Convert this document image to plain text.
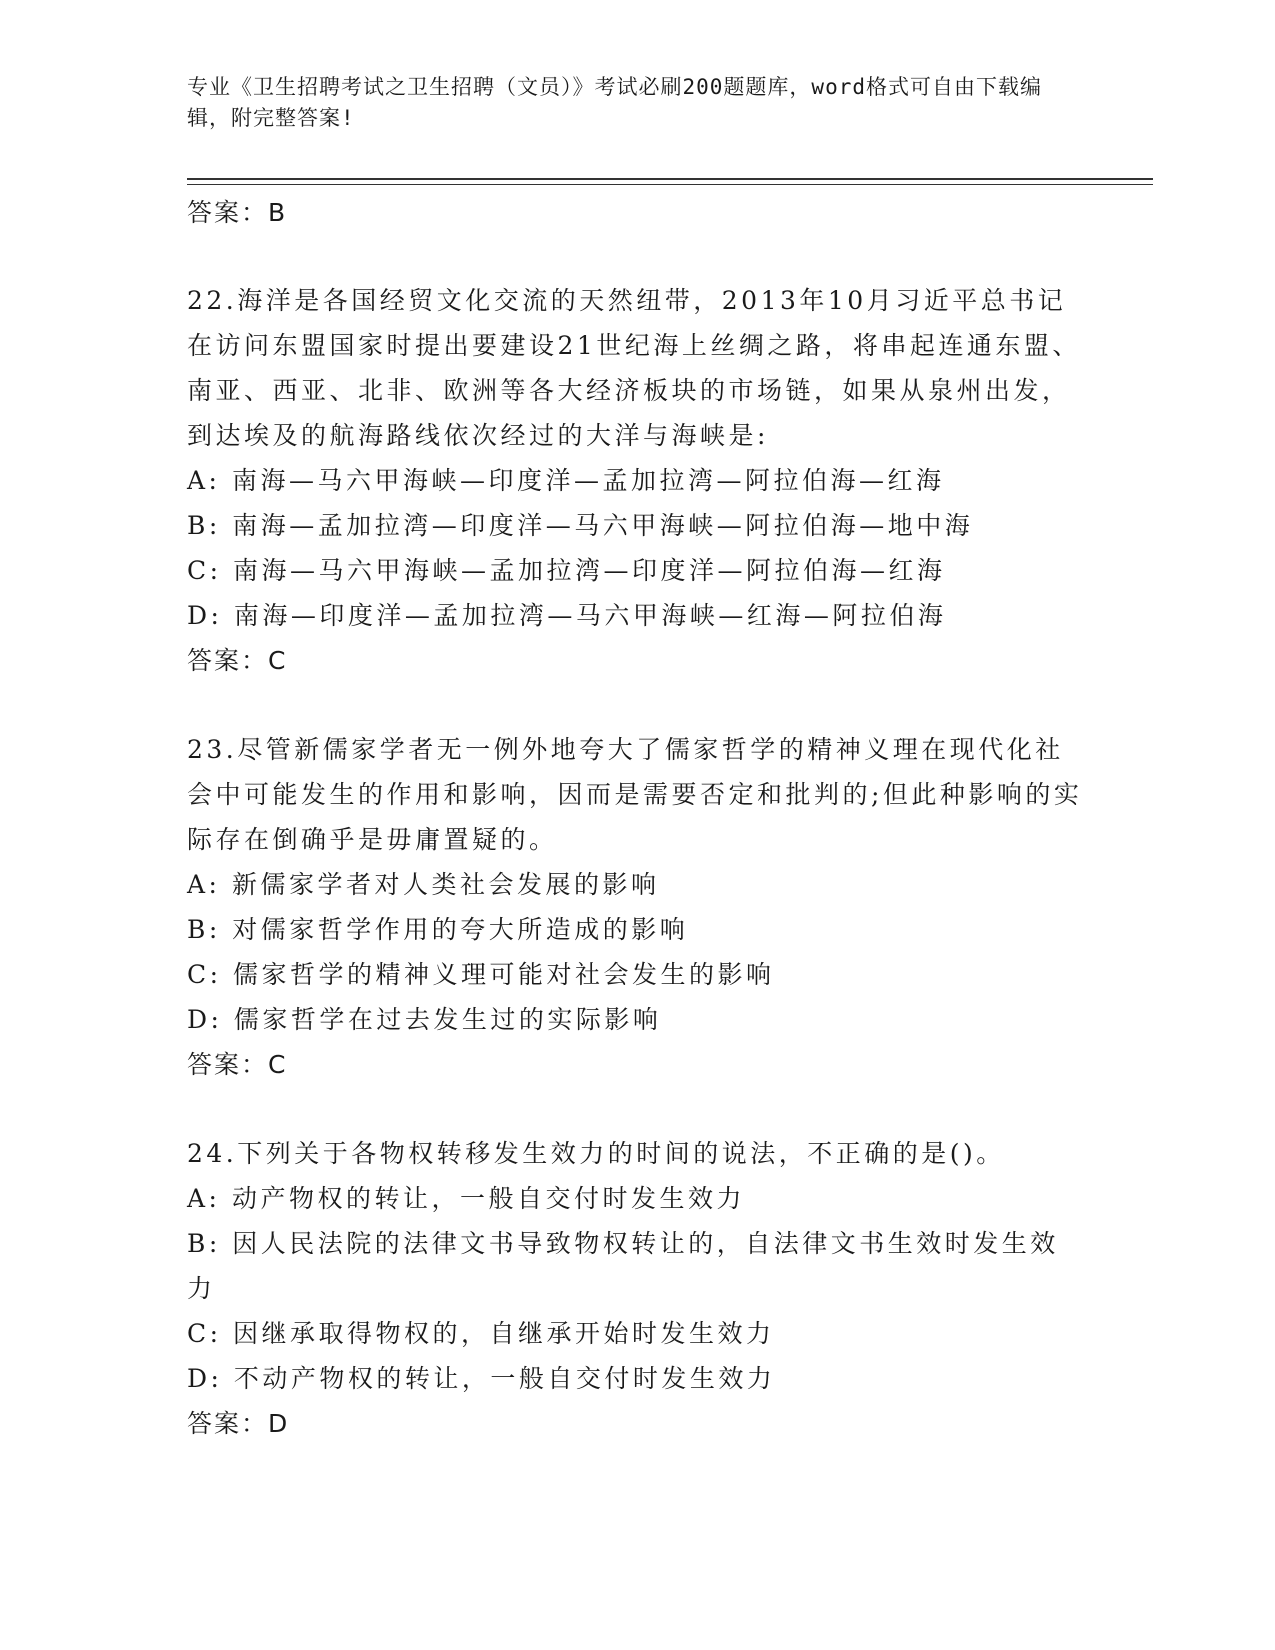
专业《卫生招聘考试之卫生招聘（文员）》考试必刷200题题库，word格式可自由下载编辑，附完整答案!
答案：B
22.海洋是各国经贸文化交流的天然纽带，2013年10月习近平总书记在访问东盟国家时提出要建设21世纪海上丝绸之路，将串起连通东盟、南亚、西亚、北非、欧洲等各大经济板块的市场链，如果从泉州出发，到达埃及的航海路线依次经过的大洋与海峡是:
A: 南海—马六甲海峡—印度洋—孟加拉湾—阿拉伯海—红海
B: 南海—孟加拉湾—印度洋—马六甲海峡—阿拉伯海—地中海
C: 南海—马六甲海峡—孟加拉湾—印度洋—阿拉伯海—红海
D: 南海—印度洋—孟加拉湾—马六甲海峡—红海—阿拉伯海
答案：C
23.尽管新儒家学者无一例外地夸大了儒家哲学的精神义理在现代化社会中可能发生的作用和影响，因而是需要否定和批判的;但此种影响的实际存在倒确乎是毋庸置疑的。
A: 新儒家学者对人类社会发展的影响
B: 对儒家哲学作用的夸大所造成的影响
C: 儒家哲学的精神义理可能对社会发生的影响
D: 儒家哲学在过去发生过的实际影响
答案：C
24.下列关于各物权转移发生效力的时间的说法，不正确的是()。
A: 动产物权的转让，一般自交付时发生效力
B: 因人民法院的法律文书导致物权转让的，自法律文书生效时发生效力
C: 因继承取得物权的，自继承开始时发生效力
D: 不动产物权的转让，一般自交付时发生效力
答案：D
